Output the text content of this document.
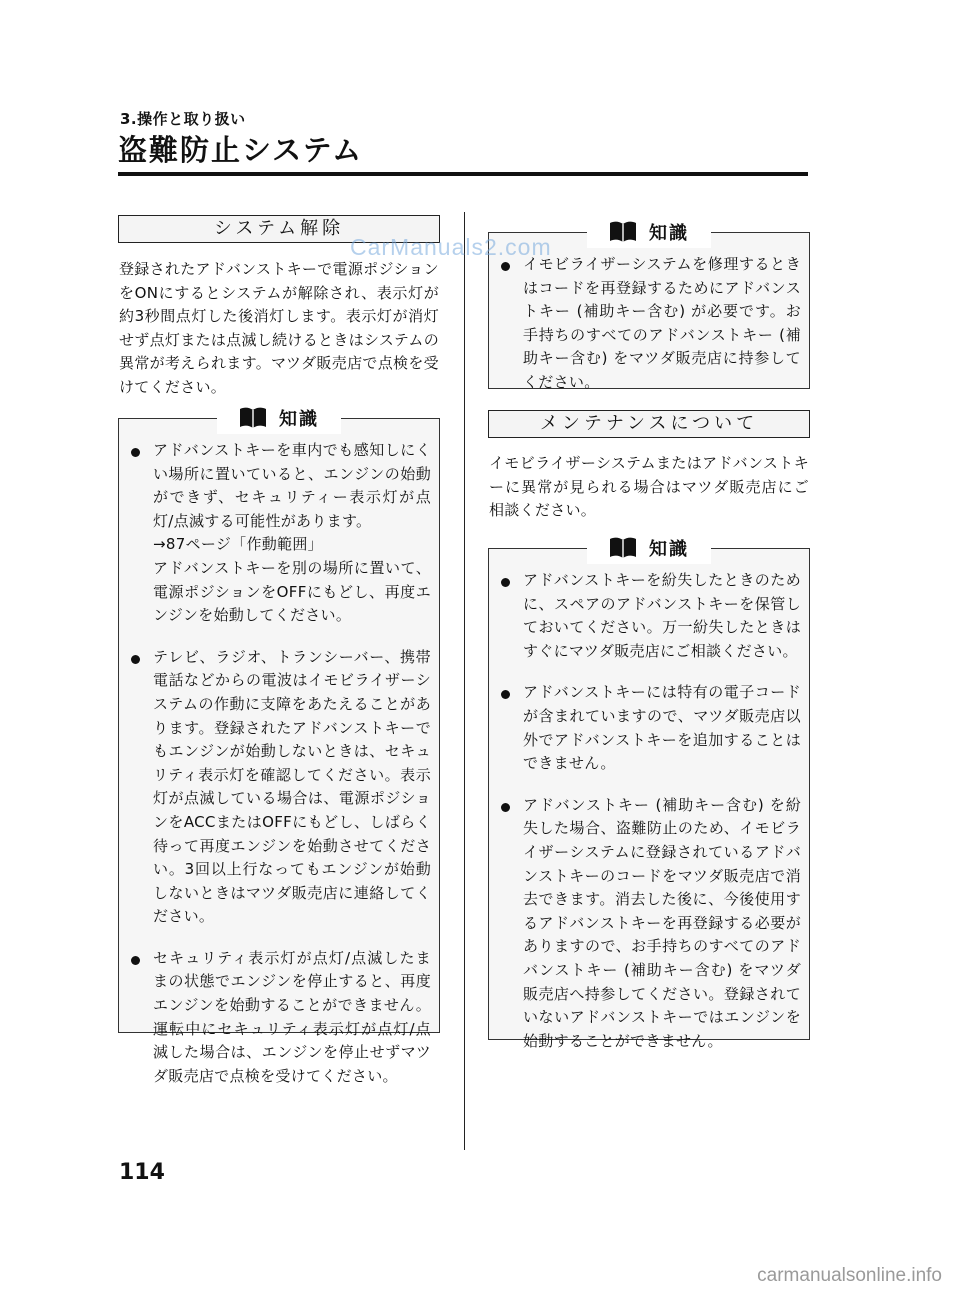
3.操作と取り扱い
盗難防止システム
システム解除
登録されたアドバンストキーで電源ポジションをONにするとシステムが解除され、表示灯が約3秒間点灯した後消灯します。表示灯が消灯せず点灯または点滅し続けるときはシステムの異常が考えられます。マツダ販売店で点検を受けてください。
知識
アドバンストキーを車内でも感知しにくい場所に置いていると、エンジンの始動ができず、セキュリティー表示灯が点灯/点滅する可能性があります。
→87ページ「作動範囲」
アドバンストキーを別の場所に置いて、電源ポジションをOFFにもどし、再度エンジンを始動してください。
テレビ、ラジオ、トランシーバー、携帯電話などからの電波はイモビライザーシステムの作動に支障をあたえることがあります。登録されたアドバンストキーでもエンジンが始動しないときは、セキュリティ表示灯を確認してください。表示灯が点滅している場合は、電源ポジションをACCまたはOFFにもどし、しばらく待って再度エンジンを始動させてください。3回以上行なってもエンジンが始動しないときはマツダ販売店に連絡してください。
セキュリティ表示灯が点灯/点滅したままの状態でエンジンを停止すると、再度エンジンを始動することができません。運転中にセキュリティ表示灯が点灯/点滅した場合は、エンジンを停止せずマツダ販売店で点検を受けてください。
知識
イモビライザーシステムを修理するときはコードを再登録するためにアドバンストキー (補助キー含む) が必要です。お手持ちのすべてのアドバンストキー (補助キー含む) をマツダ販売店に持参してください。
メンテナンスについて
イモビライザーシステムまたはアドバンストキーに異常が見られる場合はマツダ販売店にご相談ください。
知識
アドバンストキーを紛失したときのために、スペアのアドバンストキーを保管しておいてください。万一紛失したときはすぐにマツダ販売店にご相談ください。
アドバンストキーには特有の電子コードが含まれていますので、マツダ販売店以外でアドバンストキーを追加することはできません。
アドバンストキー (補助キー含む) を紛失した場合、盗難防止のため、イモビライザーシステムに登録されているアドバンストキーのコードをマツダ販売店で消去できます。消去した後に、今後使用するアドバンストキーを再登録する必要がありますので、お手持ちのすべてのアドバンストキー (補助キー含む) をマツダ販売店へ持参してください。登録されていないアドバンストキーではエンジンを始動することができません。
CarManuals2.com
114
carmanualsonline.info
